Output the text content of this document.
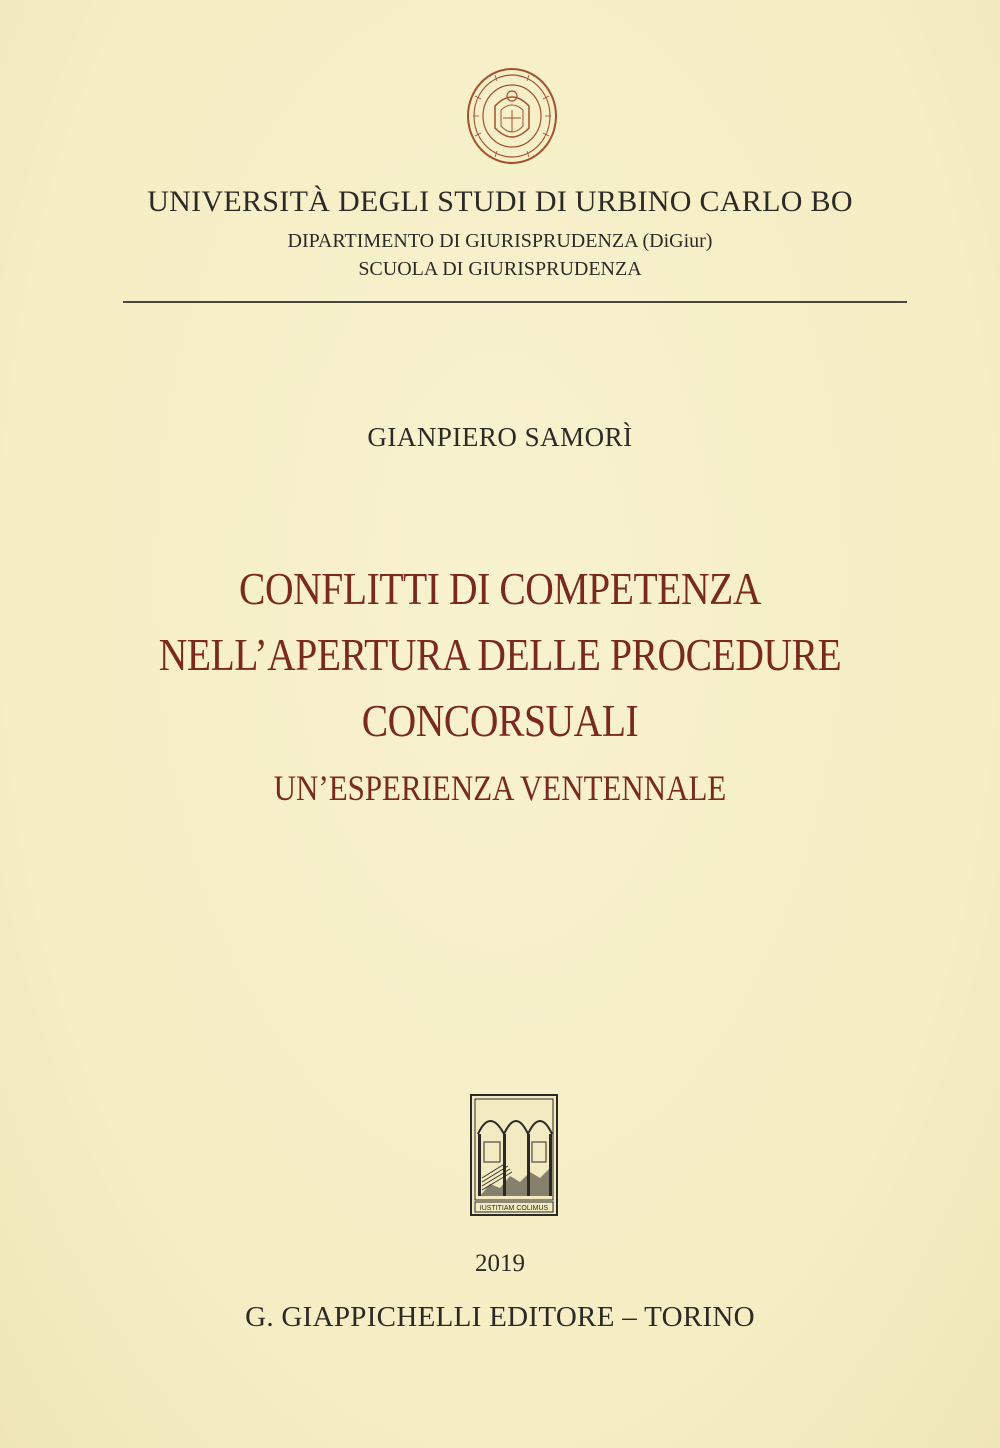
UNIVERSITÀ DEGLI STUDI DI URBINO CARLO BO

DIPARTIMENTO DI GIURISPRUDENZA (DiGiur)

SCUOLA DI GIURISPRUDENZA

GIANPIERO SAMORÌ

CONFLITTI DI COMPETENZA

NELL’APERTURA DELLE PROCEDURE

CONCORSUALI

UN’ESPERIENZA VENTENNALE

IUSTITIAM COLIMUS

2019

G. GIAPPICHELLI EDITORE – TORINO
